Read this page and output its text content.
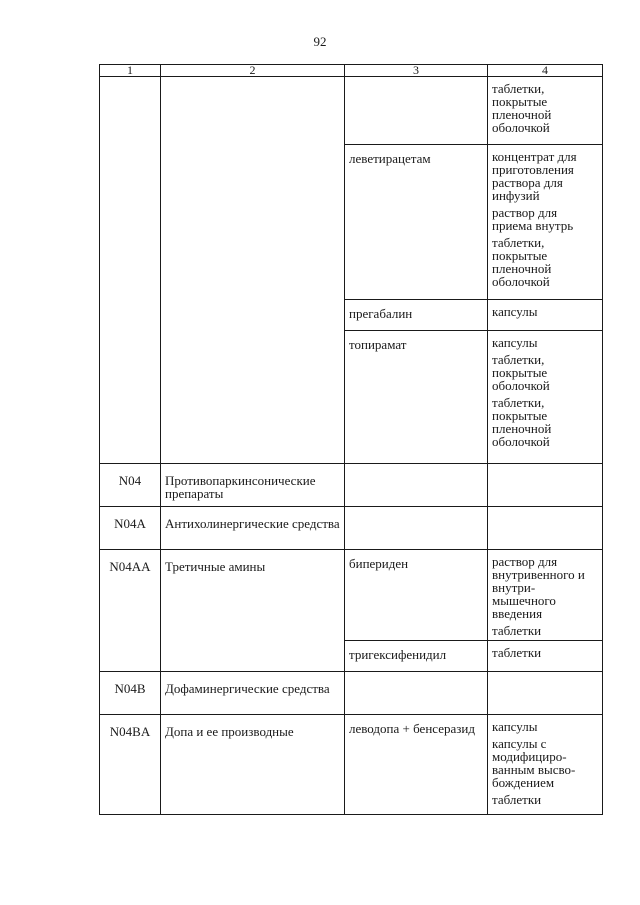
92
1	2	3	4

			таблетки, покрытые пленочной оболочкой

		леветирацетам	концентрат для приготовления раствора для инфузий
раствор для приема внутрь
таблетки, покрытые пленочной оболочкой

		прегабалин	капсулы

		топирамат	капсулы
таблетки, покрытые оболочкой
таблетки, покрытые пленочной оболочкой

N04	Противопаркинсонические препараты		
N04A	Антихолинергические средства		
N04AA	Третичные амины	бипериден	раствор для внутривенного и внутри-мышечного введения
таблетки

		тригексифенидил	таблетки

N04B	Дофаминергические средства		
N04BA	Допа и ее производные	леводопа + бенсеразид	капсулы
капсулы с модифициро-ванным высво-бождением
таблетки
